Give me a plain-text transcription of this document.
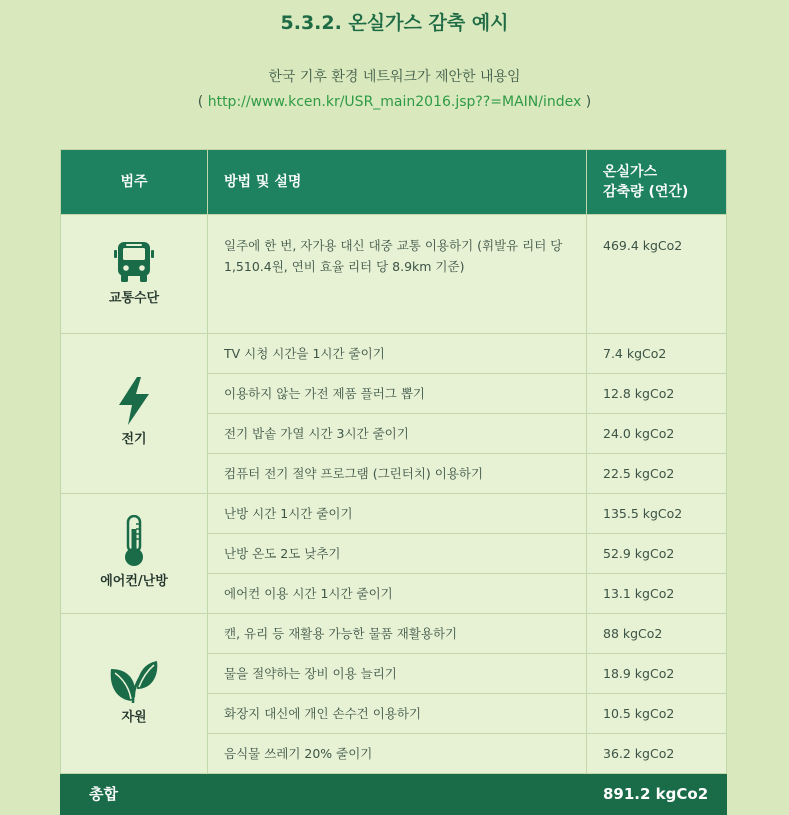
5.3.2. 온실가스 감축 예시
한국 기후 환경 네트워크가 제안한 내용임
( http://www.kcen.kr/USR_main2016.jsp??=MAIN/index )
범주	방법 및 설명	온실가스
감축량 (연간)

교통수단	일주에 한 번, 자가용 대신 대중 교통 이용하기 (휘발유 리터 당 1,510.4원, 연비 효율 리터 당 8.9km 기준)	469.4 kgCo2

전기	TV 시청 시간을 1시간 줄이기	7.4 kgCo2
	이용하지 않는 가전 제품 플러그 뽑기	12.8 kgCo2
	전기 밥솥 가열 시간 3시간 줄이기	24.0 kgCo2
	컴퓨터 전기 절약 프로그램 (그린터치) 이용하기	22.5 kgCo2

에어컨/난방	난방 시간 1시간 줄이기	135.5 kgCo2
	난방 온도 2도 낮추기	52.9 kgCo2
	에어컨 이용 시간 1시간 줄이기	13.1 kgCo2

자원	캔, 유리 등 재활용 가능한 물품 재활용하기	88 kgCo2
	물을 절약하는 장비 이용 늘리기	18.9 kgCo2
	화장지 대신에 개인 손수건 이용하기	10.5 kgCo2
	음식물 쓰레기 20% 줄이기	36.2 kgCo2
총합		891.2 kgCo2
